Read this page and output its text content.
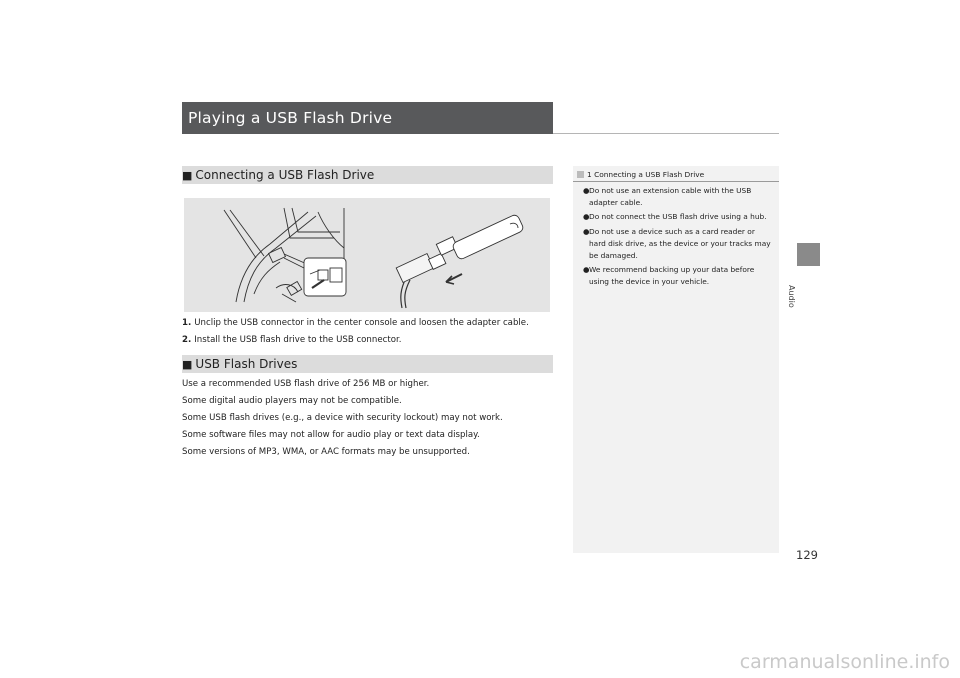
Playing a USB Flash Drive
■ Connecting a USB Flash Drive
1. Unclip the USB connector in the center console and loosen the adapter cable.
2. Install the USB flash drive to the USB connector.
■ USB Flash Drives
Use a recommended USB flash drive of 256 MB or higher.
Some digital audio players may not be compatible.
Some USB flash drives (e.g., a device with security lockout) may not work.
Some software files may not allow for audio play or text data display.
Some versions of MP3, WMA, or AAC formats may be unsupported.
1 Connecting a USB Flash Drive
● Do not use an extension cable with the USB adapter cable.
● Do not connect the USB flash drive using a hub.
● Do not use a device such as a card reader or hard disk drive, as the device or your tracks may be damaged.
● We recommend backing up your data before using the device in your vehicle.
Audio
129
carmanualsonline.info
